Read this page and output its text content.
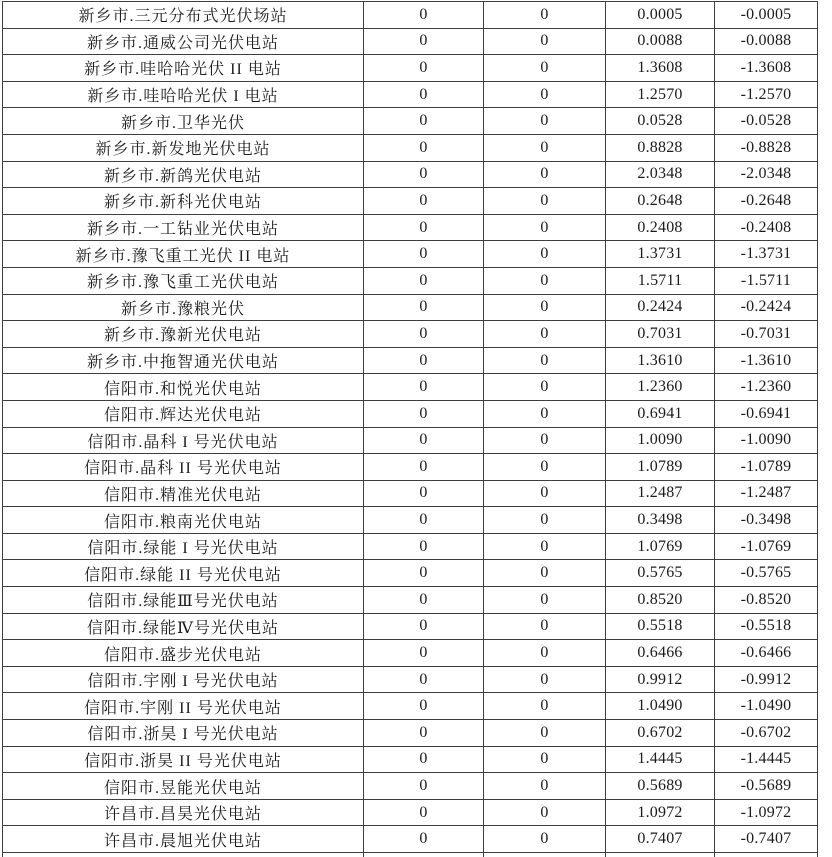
新乡市.三元分布式光伏场站	0	0	0.0005	-0.0005
新乡市.通威公司光伏电站	0	0	0.0088	-0.0088
新乡市.哇哈哈光伏 II 电站	0	0	1.3608	-1.3608
新乡市.哇哈哈光伏 I 电站	0	0	1.2570	-1.2570
新乡市.卫华光伏	0	0	0.0528	-0.0528
新乡市.新发地光伏电站	0	0	0.8828	-0.8828
新乡市.新鸽光伏电站	0	0	2.0348	-2.0348
新乡市.新科光伏电站	0	0	0.2648	-0.2648
新乡市.一工钻业光伏电站	0	0	0.2408	-0.2408
新乡市.豫飞重工光伏 II 电站	0	0	1.3731	-1.3731
新乡市.豫飞重工光伏电站	0	0	1.5711	-1.5711
新乡市.豫粮光伏	0	0	0.2424	-0.2424
新乡市.豫新光伏电站	0	0	0.7031	-0.7031
新乡市.中拖智通光伏电站	0	0	1.3610	-1.3610
信阳市.和悦光伏电站	0	0	1.2360	-1.2360
信阳市.辉达光伏电站	0	0	0.6941	-0.6941
信阳市.晶科 I 号光伏电站	0	0	1.0090	-1.0090
信阳市.晶科 II 号光伏电站	0	0	1.0789	-1.0789
信阳市.精准光伏电站	0	0	1.2487	-1.2487
信阳市.粮南光伏电站	0	0	0.3498	-0.3498
信阳市.绿能 I 号光伏电站	0	0	1.0769	-1.0769
信阳市.绿能 II 号光伏电站	0	0	0.5765	-0.5765
信阳市.绿能Ⅲ号光伏电站	0	0	0.8520	-0.8520
信阳市.绿能Ⅳ号光伏电站	0	0	0.5518	-0.5518
信阳市.盛步光伏电站	0	0	0.6466	-0.6466
信阳市.宇刚 I 号光伏电站	0	0	0.9912	-0.9912
信阳市.宇刚 II 号光伏电站	0	0	1.0490	-1.0490
信阳市.浙昊 I 号光伏电站	0	0	0.6702	-0.6702
信阳市.浙昊 II 号光伏电站	0	0	1.4445	-1.4445
信阳市.昱能光伏电站	0	0	0.5689	-0.5689
许昌市.昌昊光伏电站	0	0	1.0972	-1.0972
许昌市.晨旭光伏电站	0	0	0.7407	-0.7407
